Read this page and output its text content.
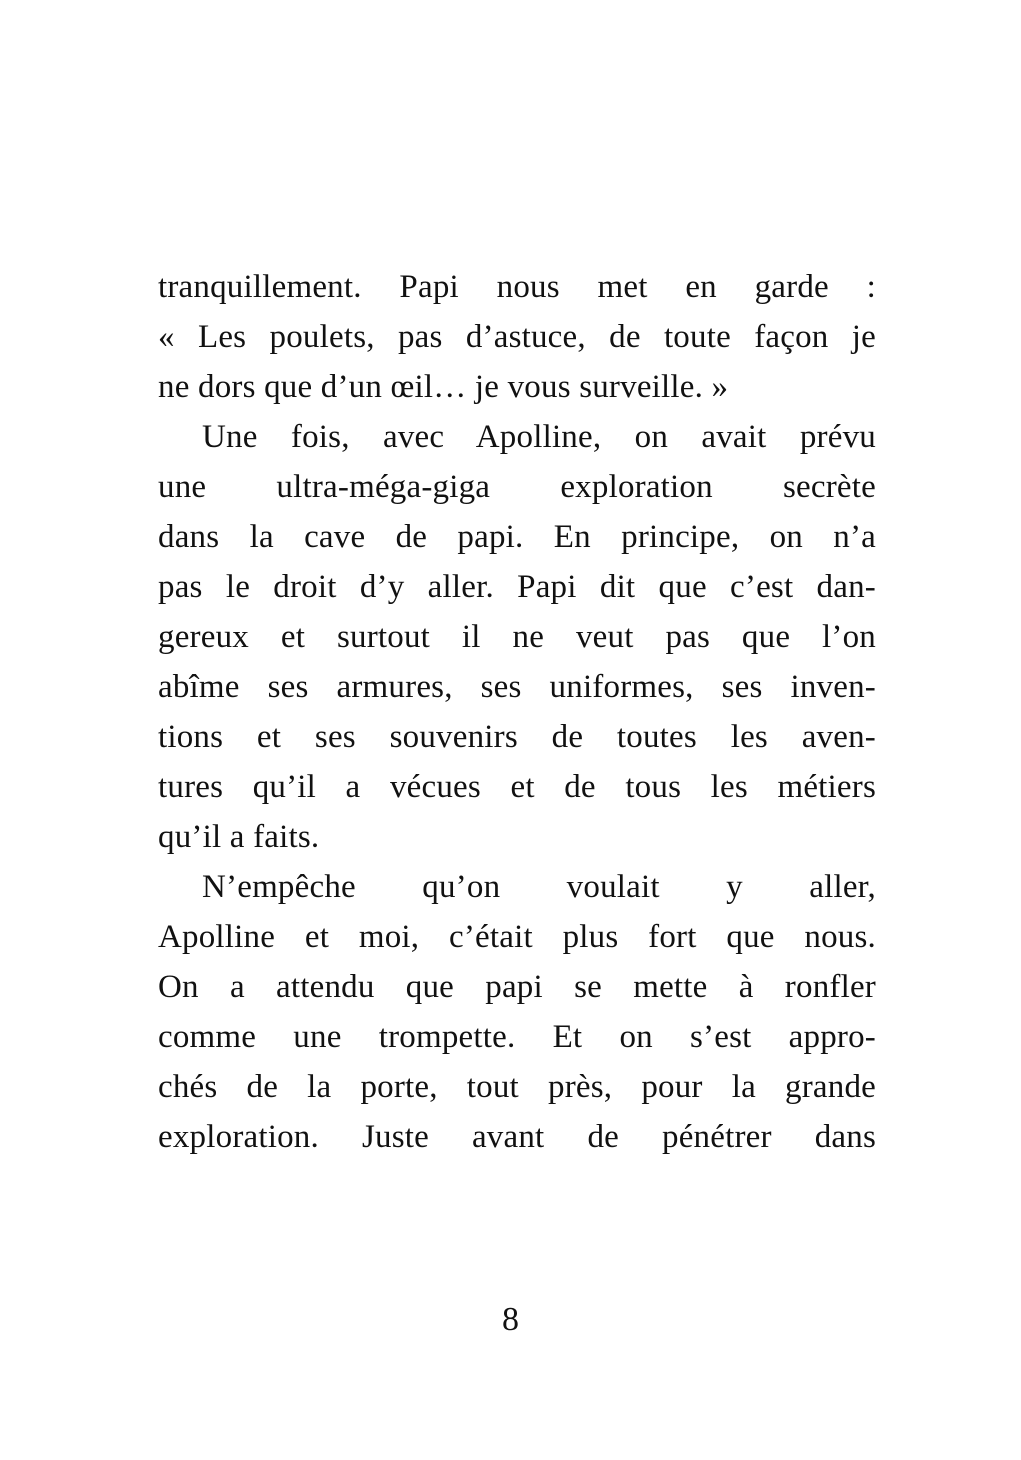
tranquillement. Papi nous met en garde :
« Les poulets, pas d’astuce, de toute façon je
ne dors que d’un œil… je vous surveille. »
Une fois, avec Apolline, on avait prévu
une ultra-méga-giga exploration secrète
dans la cave de papi. En principe, on n’a
pas le droit d’y aller. Papi dit que c’est dan-
gereux et surtout il ne veut pas que l’on
abîme ses armures, ses uniformes, ses inven-
tions et ses souvenirs de toutes les aven-
tures qu’il a vécues et de tous les métiers
qu’il a faits.
N’empêche qu’on voulait y aller,
Apolline et moi, c’était plus fort que nous.
On a attendu que papi se mette à ronfler
comme une trompette. Et on s’est appro-
chés de la porte, tout près, pour la grande
exploration. Juste avant de pénétrer dans
8
